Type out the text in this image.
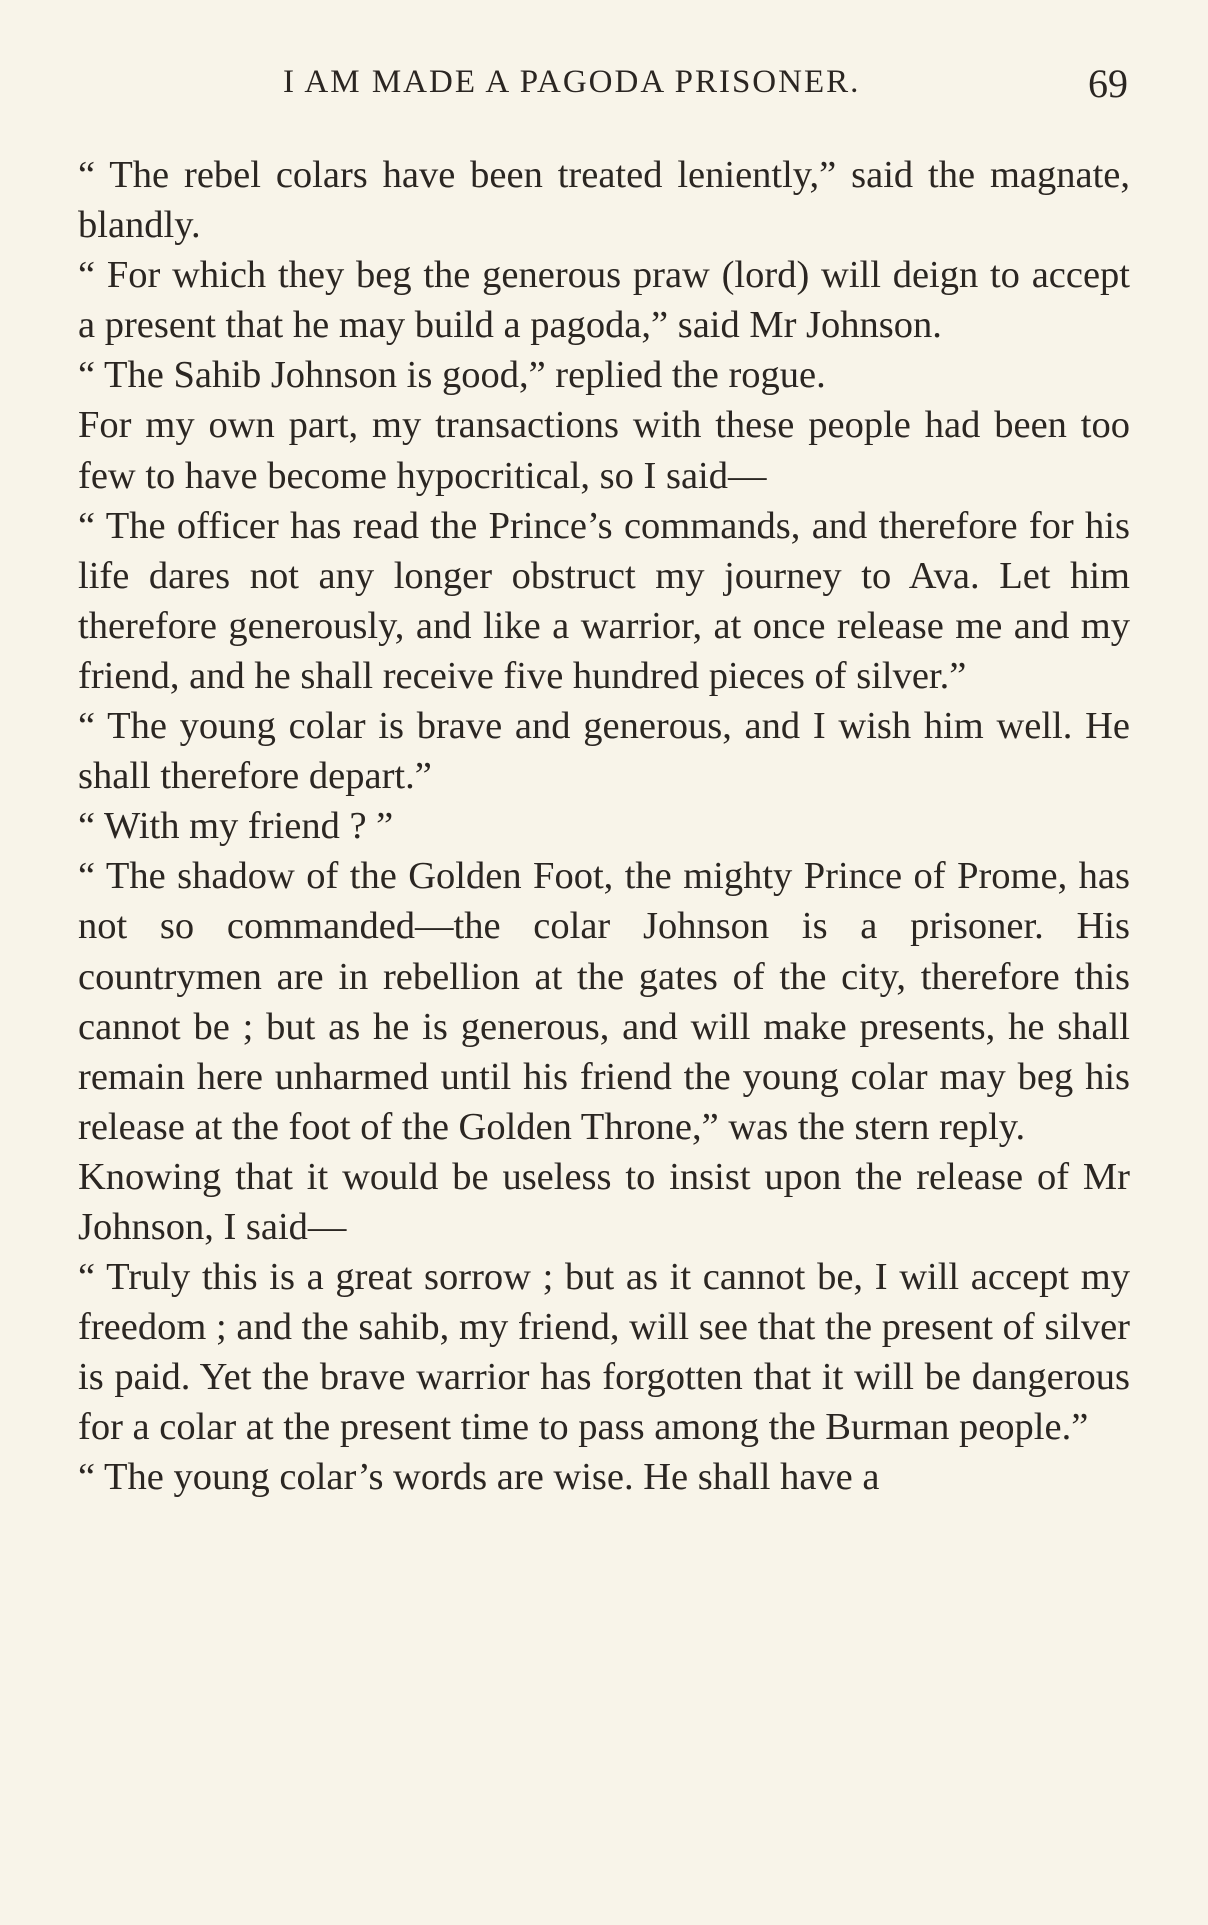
I AM MADE A PAGODA PRISONER.	69

“ The rebel colars have been treated leniently,” said the magnate, blandly.

“ For which they beg the generous praw (lord) will deign to accept a present that he may build a pagoda,” said Mr Johnson.

“ The Sahib Johnson is good,” replied the rogue.

For my own part, my transactions with these people had been too few to have become hypocritical, so I said—

“ The officer has read the Prince’s commands, and therefore for his life dares not any longer obstruct my journey to Ava. Let him therefore generously, and like a warrior, at once release me and my friend, and he shall receive five hundred pieces of silver.”

“ The young colar is brave and generous, and I wish him well. He shall therefore depart.”

“ With my friend ? ”

“ The shadow of the Golden Foot, the mighty Prince of Prome, has not so commanded—the colar Johnson is a prisoner. His countrymen are in rebellion at the gates of the city, therefore this cannot be ; but as he is generous, and will make presents, he shall remain here unharmed until his friend the young colar may beg his release at the foot of the Golden Throne,” was the stern reply.

Knowing that it would be useless to insist upon the release of Mr Johnson, I said—

“ Truly this is a great sorrow ; but as it cannot be, I will accept my freedom ; and the sahib, my friend, will see that the present of silver is paid. Yet the brave warrior has forgotten that it will be dangerous for a colar at the present time to pass among the Burman people.”

“ The young colar’s words are wise. He shall have a
